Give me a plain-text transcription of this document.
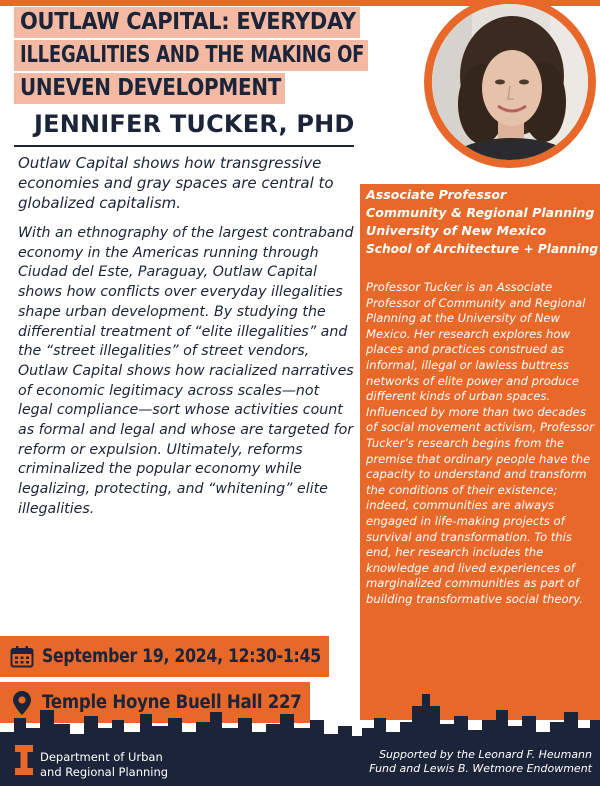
OUTLAW CAPITAL: EVERYDAY
ILLEGALITIES AND THE MAKING OF
UNEVEN DEVELOPMENT
JENNIFER TUCKER, PHD

Outlaw Capital shows how transgressive economies and gray spaces are central to globalized capitalism.

With an ethnography of the largest contraband economy in the Americas running through Ciudad del Este, Paraguay, Outlaw Capital shows how conflicts over everyday illegalities shape urban development. By studying the differential treatment of “elite illegalities” and the “street illegalities” of street vendors, Outlaw Capital shows how racialized narratives of economic legitimacy across scales—not legal compliance—sort whose activities count as formal and legal and whose are targeted for reform or expulsion. Ultimately, reforms criminalized the popular economy while legalizing, protecting, and “whitening” elite illegalities.

Associate Professor
Community & Regional Planning
University of New Mexico
School of Architecture + Planning

Professor Tucker is an Associate Professor of Community and Regional Planning at the University of New Mexico. Her research explores how places and practices construed as informal, illegal or lawless buttress networks of elite power and produce different kinds of urban spaces. Influenced by more than two decades of social movement activism, Professor Tucker’s research begins from the premise that ordinary people have the capacity to understand and transform the conditions of their existence; indeed, communities are always engaged in life-making projects of survival and transformation. To this end, her research includes the knowledge and lived experiences of marginalized communities as part of building transformative social theory.

September 19, 2024, 12:30-1:45
Temple Hoyne Buell Hall 227
Department of Urban
and Regional Planning
Supported by the Leonard F. Heumann
Fund and Lewis B. Wetmore Endowment
